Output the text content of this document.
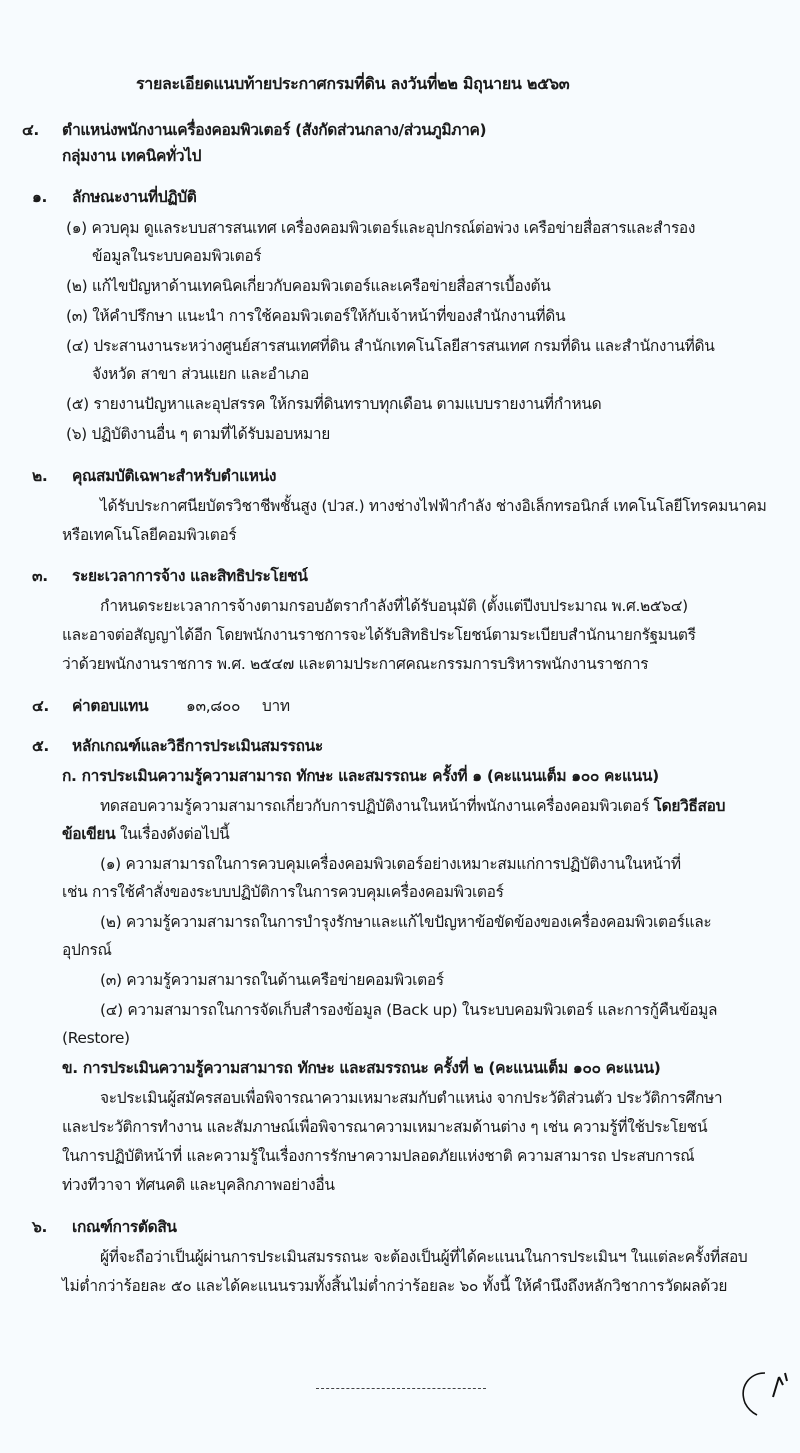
รายละเอียดแนบท้ายประกาศกรมที่ดิน ลงวันที่๒๒ มิถุนายน ๒๕๖๓
๔. ตำแหน่งพนักงานเครื่องคอมพิวเตอร์ (สังกัดส่วนกลาง/ส่วนภูมิภาค)
กลุ่มงาน เทคนิคทั่วไป
๑. ลักษณะงานที่ปฏิบัติ
(๑) ควบคุม ดูแลระบบสารสนเทศ เครื่องคอมพิวเตอร์และอุปกรณ์ต่อพ่วง เครือข่ายสื่อสารและสำรอง
ข้อมูลในระบบคอมพิวเตอร์
(๒) แก้ไขปัญหาด้านเทคนิคเกี่ยวกับคอมพิวเตอร์และเครือข่ายสื่อสารเบื้องต้น
(๓) ให้คำปรึกษา แนะนำ การใช้คอมพิวเตอร์ให้กับเจ้าหน้าที่ของสำนักงานที่ดิน
(๔) ประสานงานระหว่างศูนย์สารสนเทศที่ดิน สำนักเทคโนโลยีสารสนเทศ กรมที่ดิน และสำนักงานที่ดิน
จังหวัด สาขา ส่วนแยก และอำเภอ
(๕) รายงานปัญหาและอุปสรรค ให้กรมที่ดินทราบทุกเดือน ตามแบบรายงานที่กำหนด
(๖) ปฏิบัติงานอื่น ๆ ตามที่ได้รับมอบหมาย
๒. คุณสมบัติเฉพาะสำหรับตำแหน่ง
ได้รับประกาศนียบัตรวิชาชีพชั้นสูง (ปวส.) ทางช่างไฟฟ้ากำลัง ช่างอิเล็กทรอนิกส์ เทคโนโลยีโทรคมนาคม
หรือเทคโนโลยีคอมพิวเตอร์
๓. ระยะเวลาการจ้าง และสิทธิประโยชน์
กำหนดระยะเวลาการจ้างตามกรอบอัตรากำลังที่ได้รับอนุมัติ (ตั้งแต่ปีงบประมาณ พ.ศ.๒๕๖๔)
และอาจต่อสัญญาได้อีก โดยพนักงานราชการจะได้รับสิทธิประโยชน์ตามระเบียบสำนักนายกรัฐมนตรี
ว่าด้วยพนักงานราชการ พ.ศ. ๒๕๔๗ และตามประกาศคณะกรรมการบริหารพนักงานราชการ
๔. ค่าตอบแทน ๑๓,๘๐๐ บาท
๕. หลักเกณฑ์และวิธีการประเมินสมรรถนะ
ก. การประเมินความรู้ความสามารถ ทักษะ และสมรรถนะ ครั้งที่ ๑ (คะแนนเต็ม ๑๐๐ คะแนน)
ทดสอบความรู้ความสามารถเกี่ยวกับการปฏิบัติงานในหน้าที่พนักงานเครื่องคอมพิวเตอร์ โดยวิธีสอบ
ข้อเขียน ในเรื่องดังต่อไปนี้
(๑) ความสามารถในการควบคุมเครื่องคอมพิวเตอร์อย่างเหมาะสมแก่การปฏิบัติงานในหน้าที่
เช่น การใช้คำสั่งของระบบปฏิบัติการในการควบคุมเครื่องคอมพิวเตอร์
(๒) ความรู้ความสามารถในการบำรุงรักษาและแก้ไขปัญหาข้อขัดข้องของเครื่องคอมพิวเตอร์และ
อุปกรณ์
(๓) ความรู้ความสามารถในด้านเครือข่ายคอมพิวเตอร์
(๔) ความสามารถในการจัดเก็บสำรองข้อมูล (Back up) ในระบบคอมพิวเตอร์ และการกู้คืนข้อมูล
(Restore)
ข. การประเมินความรู้ความสามารถ ทักษะ และสมรรถนะ ครั้งที่ ๒ (คะแนนเต็ม ๑๐๐ คะแนน)
จะประเมินผู้สมัครสอบเพื่อพิจารณาความเหมาะสมกับตำแหน่ง จากประวัติส่วนตัว ประวัติการศึกษา
และประวัติการทำงาน และสัมภาษณ์เพื่อพิจารณาความเหมาะสมด้านต่าง ๆ เช่น ความรู้ที่ใช้ประโยชน์
ในการปฏิบัติหน้าที่ และความรู้ในเรื่องการรักษาความปลอดภัยแห่งชาติ ความสามารถ ประสบการณ์
ท่วงทีวาจา ทัศนคติ และบุคลิกภาพอย่างอื่น
๖. เกณฑ์การตัดสิน
ผู้ที่จะถือว่าเป็นผู้ผ่านการประเมินสมรรถนะ จะต้องเป็นผู้ที่ได้คะแนนในการประเมินฯ ในแต่ละครั้งที่สอบ
ไม่ต่ำกว่าร้อยละ ๕๐ และได้คะแนนรวมทั้งสิ้นไม่ต่ำกว่าร้อยละ ๖๐ ทั้งนี้ ให้คำนึงถึงหลักวิชาการวัดผลด้วย
